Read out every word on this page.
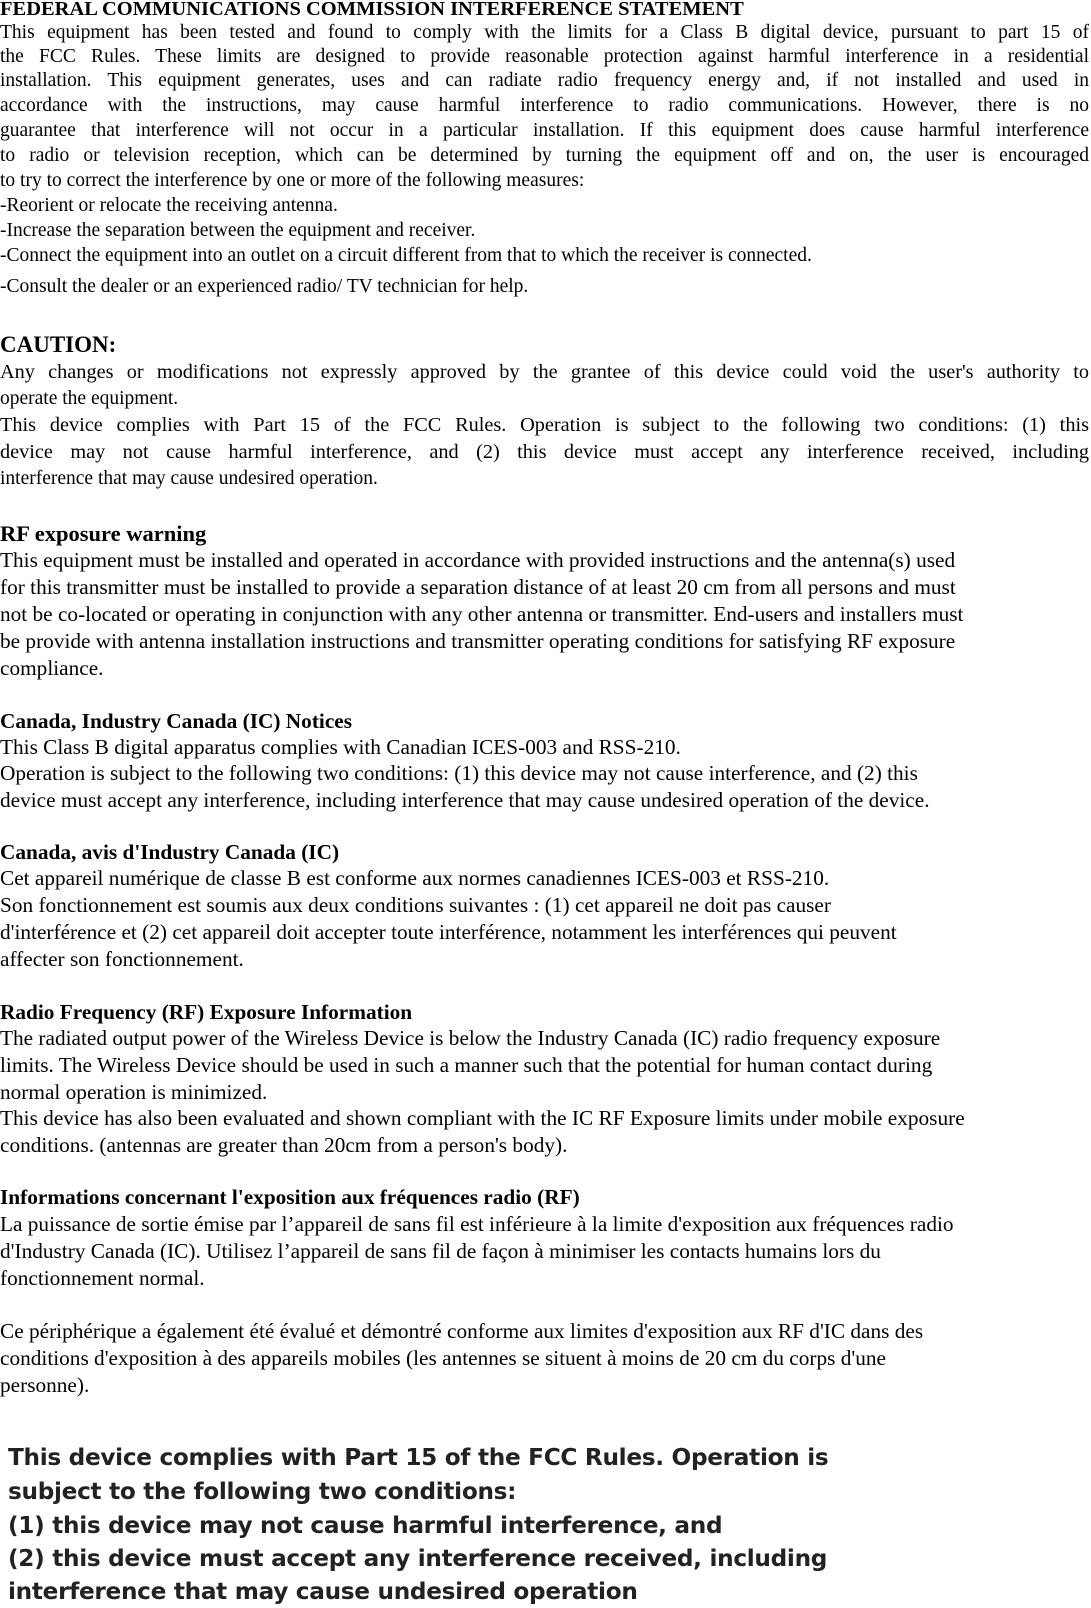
FEDERAL COMMUNICATIONS COMMISSION INTERFERENCE STATEMENT
This equipment has been tested and found to comply with the limits for a Class B digital device, pursuant to part 15 of
the FCC Rules. These limits are designed to provide reasonable protection against harmful interference in a residential
installation. This equipment generates, uses and can radiate radio frequency energy and, if not installed and used in
accordance with the instructions, may cause harmful interference to radio communications. However, there is no
guarantee that interference will not occur in a particular installation. If this equipment does cause harmful interference
to radio or television reception, which can be determined by turning the equipment off and on, the user is encouraged
to try to correct the interference by one or more of the following measures:
-Reorient or relocate the receiving antenna.
-Increase the separation between the equipment and receiver.
-Connect the equipment into an outlet on a circuit different from that to which the receiver is connected.
-Consult the dealer or an experienced radio/ TV technician for help.
CAUTION:
Any changes or modifications not expressly approved by the grantee of this device could void the user's authority to
operate the equipment.
This device complies with Part 15 of the FCC Rules. Operation is subject to the following two conditions: (1) this
device may not cause harmful interference, and (2) this device must accept any interference received, including
interference that may cause undesired operation.
RF exposure warning
This equipment must be installed and operated in accordance with provided instructions and the antenna(s) used
for this transmitter must be installed to provide a separation distance of at least 20 cm from all persons and must
not be co-located or operating in conjunction with any other antenna or transmitter. End-users and installers must
be provide with antenna installation instructions and transmitter operating conditions for satisfying RF exposure
compliance.
Canada, Industry Canada (IC) Notices
This Class B digital apparatus complies with Canadian ICES-003 and RSS-210.
Operation is subject to the following two conditions: (1) this device may not cause interference, and (2) this
device must accept any interference, including interference that may cause undesired operation of the device.
Canada, avis d'Industry Canada (IC)
Cet appareil numérique de classe B est conforme aux normes canadiennes ICES-003 et RSS-210.
Son fonctionnement est soumis aux deux conditions suivantes : (1) cet appareil ne doit pas causer
d'interférence et (2) cet appareil doit accepter toute interférence, notamment les interférences qui peuvent
affecter son fonctionnement.
Radio Frequency (RF) Exposure Information
The radiated output power of the Wireless Device is below the Industry Canada (IC) radio frequency exposure
limits. The Wireless Device should be used in such a manner such that the potential for human contact during
normal operation is minimized.
This device has also been evaluated and shown compliant with the IC RF Exposure limits under mobile exposure
conditions. (antennas are greater than 20cm from a person's body).
Informations concernant l'exposition aux fréquences radio (RF)
La puissance de sortie émise par l’appareil de sans fil est inférieure à la limite d'exposition aux fréquences radio
d'Industry Canada (IC). Utilisez l’appareil de sans fil de façon à minimiser les contacts humains lors du
fonctionnement normal.
Ce périphérique a également été évalué et démontré conforme aux limites d'exposition aux RF d'IC dans des
conditions d'exposition à des appareils mobiles (les antennes se situent à moins de 20 cm du corps d'une
personne).
This device complies with Part 15 of the FCC Rules. Operation is
subject to the following two conditions:
(1) this device may not cause harmful interference, and
(2) this device must accept any interference received, including
interference that may cause undesired operation
